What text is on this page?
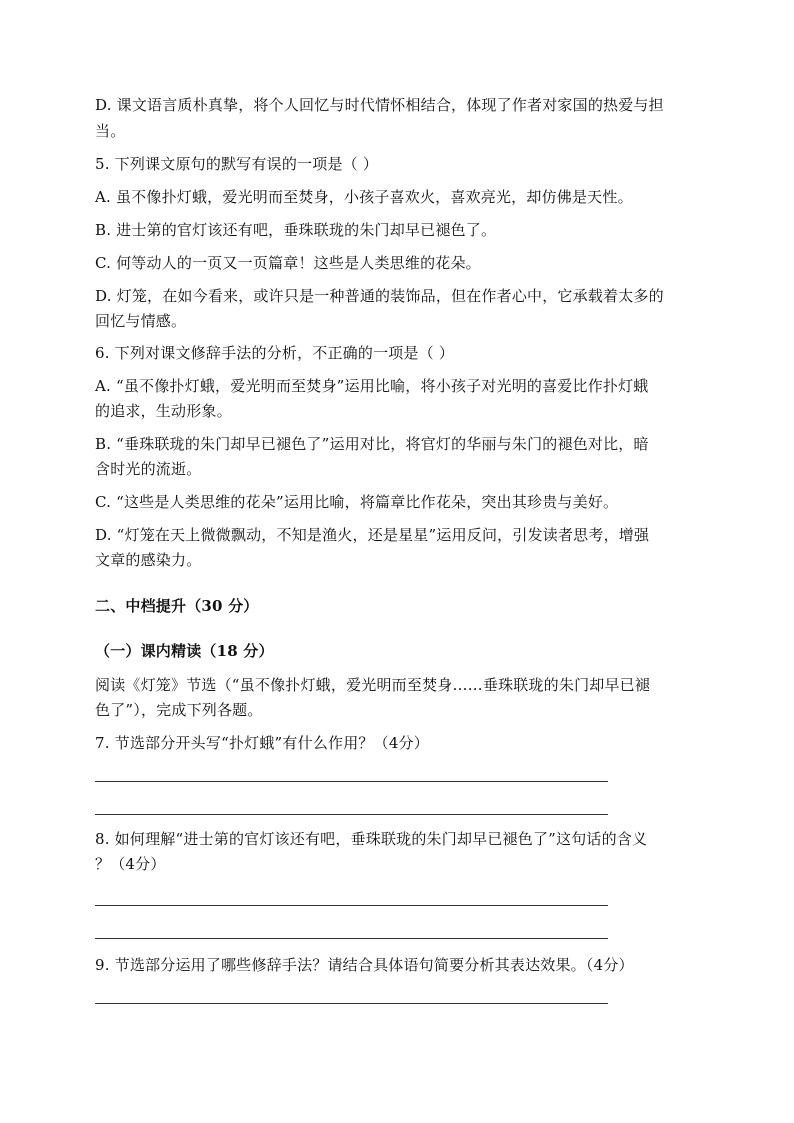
D. 课文语言质朴真挚，将个人回忆与时代情怀相结合，体现了作者对家国的热爱与担
当。
5. 下列课文原句的默写有误的一项是（ ）
A. 虽不像扑灯蛾，爱光明而至焚身，小孩子喜欢火，喜欢亮光，却仿佛是天性。
B. 进士第的官灯该还有吧，垂珠联珑的朱门却早已褪色了。
C. 何等动人的一页又一页篇章！这些是人类思维的花朵。
D. 灯笼，在如今看来，或许只是一种普通的装饰品，但在作者心中，它承载着太多的
回忆与情感。
6. 下列对课文修辞手法的分析，不正确的一项是（ ）
A. “虽不像扑灯蛾，爱光明而至焚身”运用比喻，将小孩子对光明的喜爱比作扑灯蛾
的追求，生动形象。
B. “垂珠联珑的朱门却早已褪色了”运用对比，将官灯的华丽与朱门的褪色对比，暗
含时光的流逝。
C. “这些是人类思维的花朵”运用比喻，将篇章比作花朵，突出其珍贵与美好。
D. “灯笼在天上微微飘动，不知是渔火，还是星星”运用反问，引发读者思考，增强
文章的感染力。
二、中档提升（30 分）
（一）课内精读（18 分）
阅读《灯笼》节选（“虽不像扑灯蛾，爱光明而至焚身……垂珠联珑的朱门却早已褪
色了”），完成下列各题。
7. 节选部分开头写“扑灯蛾”有什么作用？（4分）
8. 如何理解“进士第的官灯该还有吧，垂珠联珑的朱门却早已褪色了”这句话的含义
？（4分）
9. 节选部分运用了哪些修辞手法？请结合具体语句简要分析其表达效果。（4分）
